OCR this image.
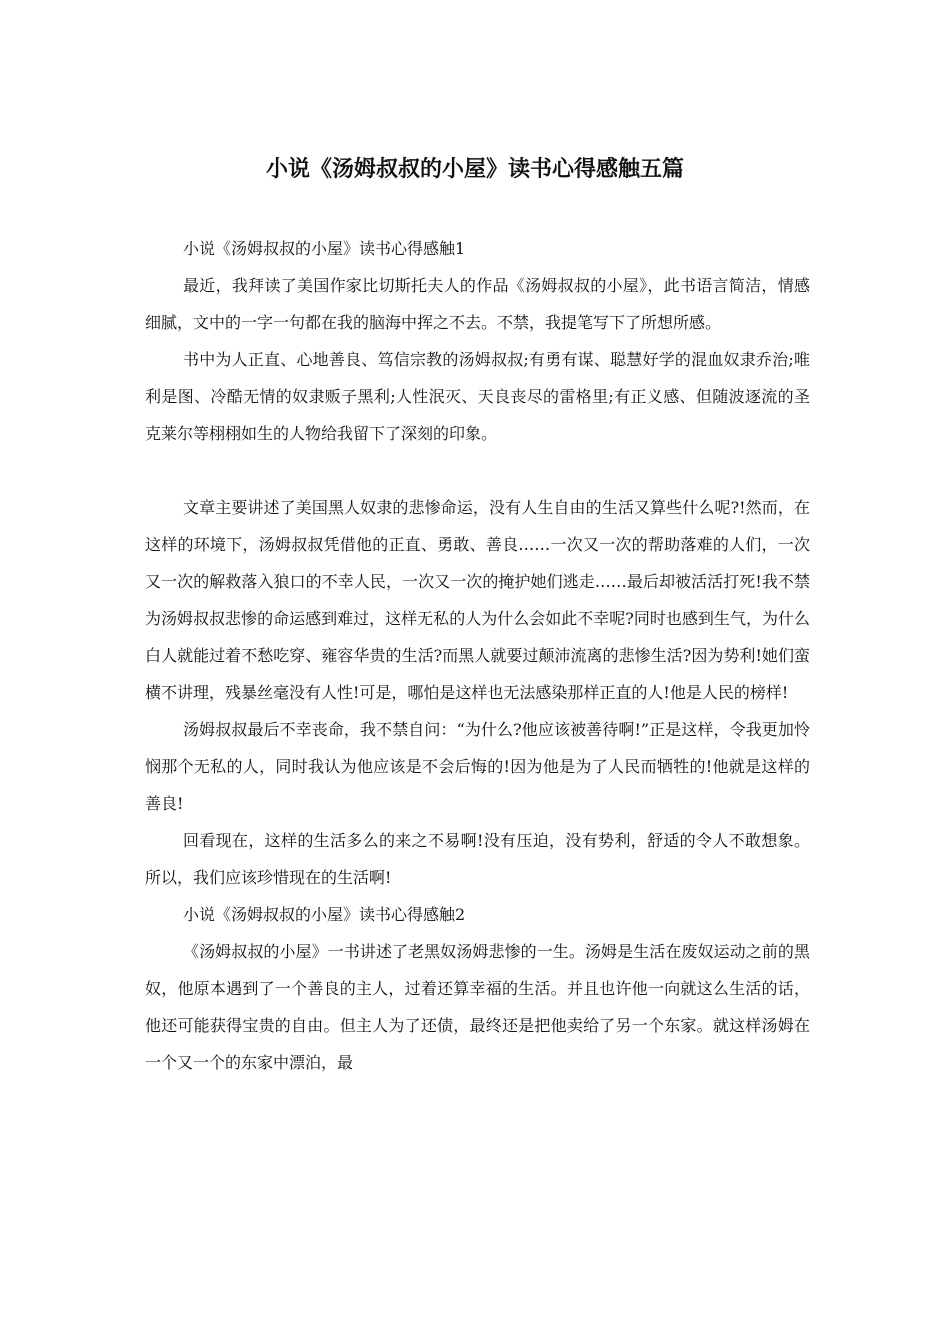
小说《汤姆叔叔的小屋》读书心得感触五篇

小说《汤姆叔叔的小屋》读书心得感触1

最近，我拜读了美国作家比切斯托夫人的作品《汤姆叔叔的小屋》，此书语言简洁，情感细腻，文中的一字一句都在我的脑海中挥之不去。不禁，我提笔写下了所想所感。

书中为人正直、心地善良、笃信宗教的汤姆叔叔;有勇有谋、聪慧好学的混血奴隶乔治;唯利是图、冷酷无情的奴隶贩子黑利;人性泯灭、天良丧尽的雷格里;有正义感、但随波逐流的圣克莱尔等栩栩如生的人物给我留下了深刻的印象。

文章主要讲述了美国黑人奴隶的悲惨命运，没有人生自由的生活又算些什么呢?!然而，在这样的环境下，汤姆叔叔凭借他的正直、勇敢、善良……一次又一次的帮助落难的人们，一次又一次的解救落入狼口的不幸人民，一次又一次的掩护她们逃走……最后却被活活打死!我不禁为汤姆叔叔悲惨的命运感到难过，这样无私的人为什么会如此不幸呢?同时也感到生气，为什么白人就能过着不愁吃穿、雍容华贵的生活?而黑人就要过颠沛流离的悲惨生活?因为势利!她们蛮横不讲理，残暴丝毫没有人性!可是，哪怕是这样也无法感染那样正直的人!他是人民的榜样!

汤姆叔叔最后不幸丧命，我不禁自问：“为什么?他应该被善待啊!”正是这样，令我更加怜悯那个无私的人，同时我认为他应该是不会后悔的!因为他是为了人民而牺牲的!他就是这样的善良!

回看现在，这样的生活多么的来之不易啊!没有压迫，没有势利，舒适的令人不敢想象。所以，我们应该珍惜现在的生活啊!

小说《汤姆叔叔的小屋》读书心得感触2

《汤姆叔叔的小屋》一书讲述了老黑奴汤姆悲惨的一生。汤姆是生活在废奴运动之前的黑奴，他原本遇到了一个善良的主人，过着还算幸福的生活。并且也许他一向就这么生活的话，他还可能获得宝贵的自由。但主人为了还债，最终还是把他卖给了另一个东家。就这样汤姆在一个又一个的东家中漂泊，最
